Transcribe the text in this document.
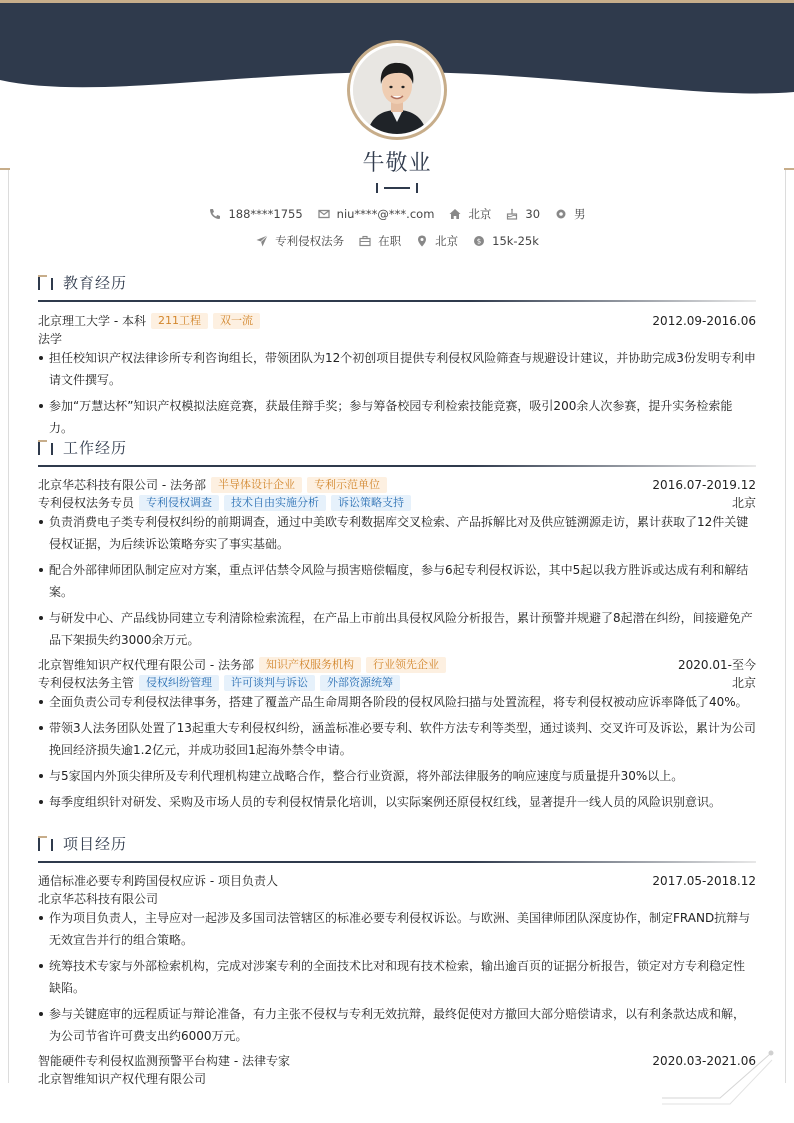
牛敬业
188****1755	niu****@***.com	北京	30	男
专利侵权法务	在职	北京	$ 15k-25k
教育经历
北京理工大学 - 本科 211工程 双一流	2012.09-2016.06
法学
担任校知识产权法律诊所专利咨询组长，带领团队为12个初创项目提供专利侵权风险筛查与规避设计建议，并协助完成3份发明专利申请文件撰写。
参加“万慧达杯”知识产权模拟法庭竞赛，获最佳辩手奖；参与筹备校园专利检索技能竞赛，吸引200余人次参赛，提升实务检索能力。
工作经历
北京华芯科技有限公司 - 法务部 半导体设计企业 专利示范单位	2016.07-2019.12
专利侵权法务专员 专利侵权调查 技术自由实施分析 诉讼策略支持	北京
负责消费电子类专利侵权纠纷的前期调查，通过中美欧专利数据库交叉检索、产品拆解比对及供应链溯源走访，累计获取了12件关键侵权证据，为后续诉讼策略夯实了事实基础。
配合外部律师团队制定应对方案，重点评估禁令风险与损害赔偿幅度，参与6起专利侵权诉讼，其中5起以我方胜诉或达成有利和解结案。
与研发中心、产品线协同建立专利清除检索流程，在产品上市前出具侵权风险分析报告，累计预警并规避了8起潜在纠纷，间接避免产品下架损失约3000余万元。
北京智维知识产权代理有限公司 - 法务部 知识产权服务机构 行业领先企业	2020.01-至今
专利侵权法务主管 侵权纠纷管理 许可谈判与诉讼 外部资源统筹	北京
全面负责公司专利侵权法律事务，搭建了覆盖产品生命周期各阶段的侵权风险扫描与处置流程，将专利侵权被动应诉率降低了40%。
带领3人法务团队处置了13起重大专利侵权纠纷，涵盖标准必要专利、软件方法专利等类型，通过谈判、交叉许可及诉讼，累计为公司挽回经济损失逾1.2亿元，并成功驳回1起海外禁令申请。
与5家国内外顶尖律所及专利代理机构建立战略合作，整合行业资源，将外部法律服务的响应速度与质量提升30%以上。
每季度组织针对研发、采购及市场人员的专利侵权情景化培训，以实际案例还原侵权红线，显著提升一线人员的风险识别意识。
项目经历
通信标准必要专利跨国侵权应诉 - 项目负责人	2017.05-2018.12
北京华芯科技有限公司
作为项目负责人，主导应对一起涉及多国司法管辖区的标准必要专利侵权诉讼。与欧洲、美国律师团队深度协作，制定FRAND抗辩与无效宣告并行的组合策略。
统筹技术专家与外部检索机构，完成对涉案专利的全面技术比对和现有技术检索，输出逾百页的证据分析报告，锁定对方专利稳定性缺陷。
参与关键庭审的远程质证与辩论准备，有力主张不侵权与专利无效抗辩，最终促使对方撤回大部分赔偿请求，以有利条款达成和解，为公司节省许可费支出约6000万元。
智能硬件专利侵权监测预警平台构建 - 法律专家	2020.03-2021.06
北京智维知识产权代理有限公司
